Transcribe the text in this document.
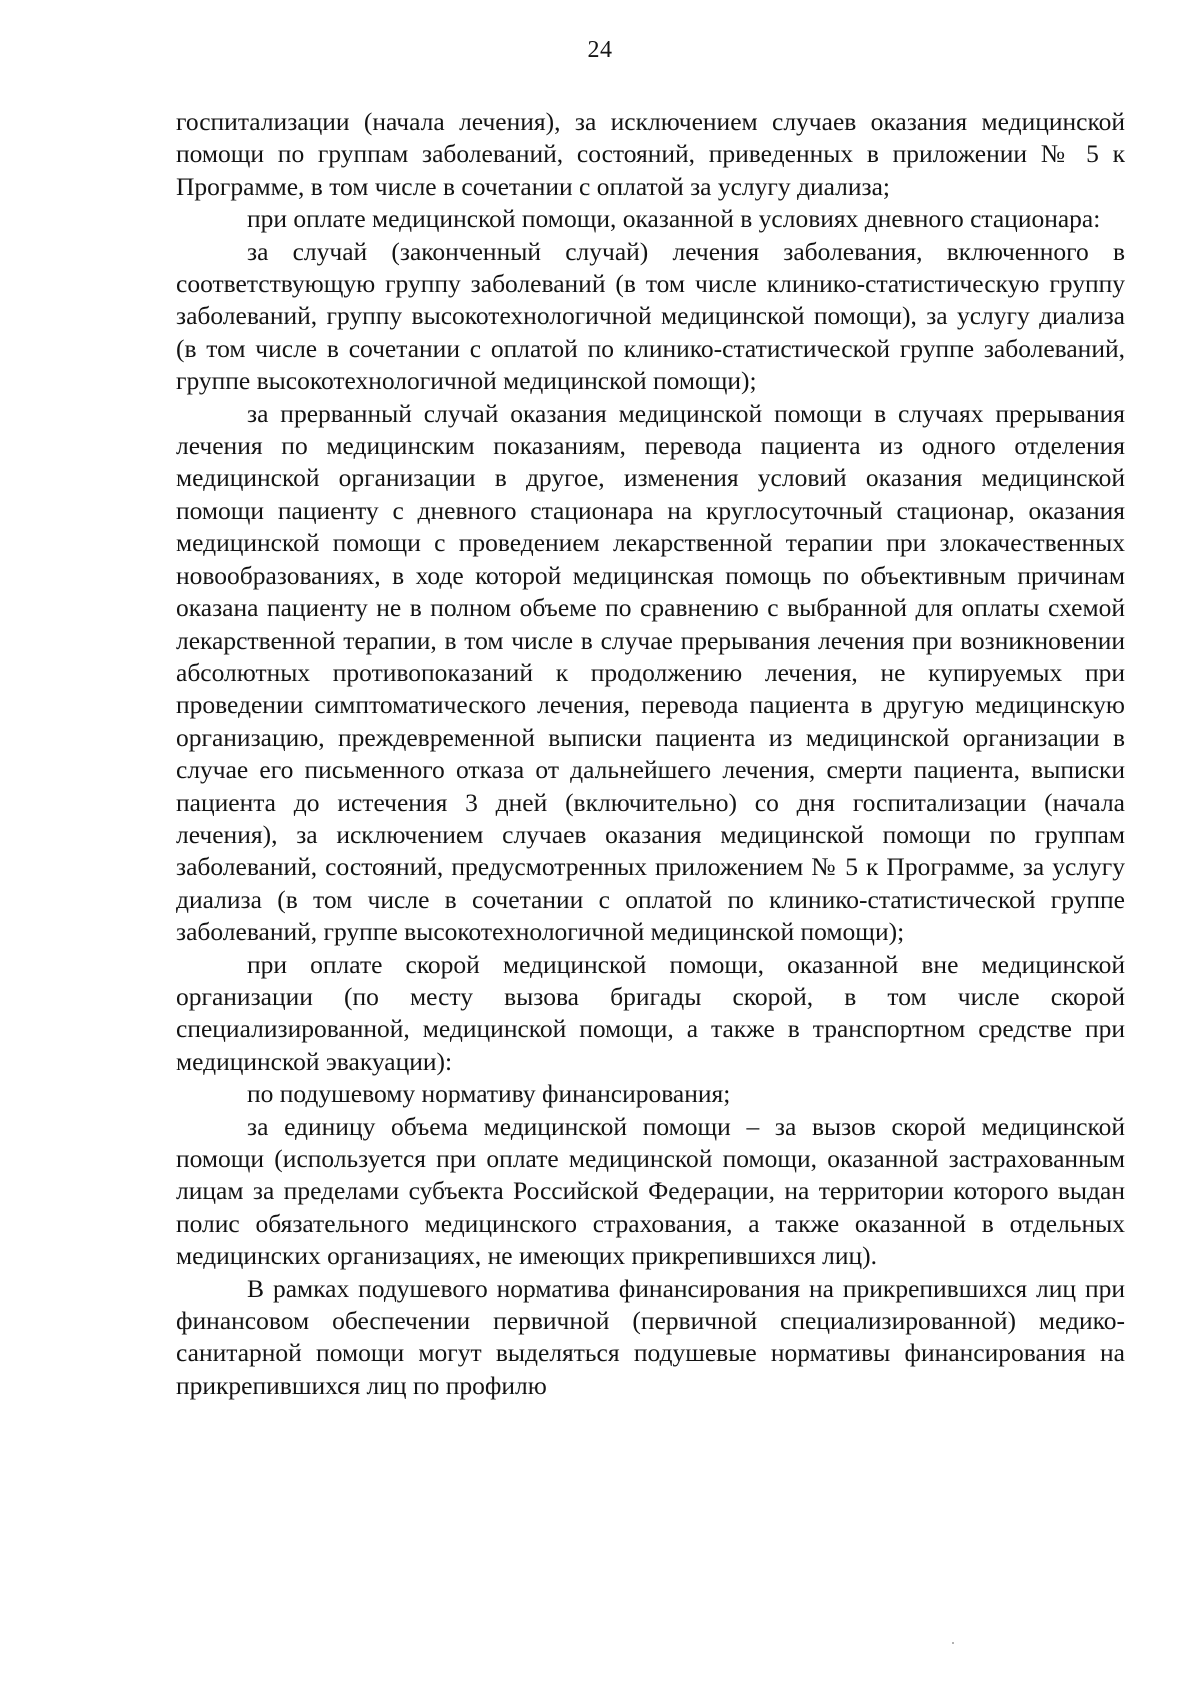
24

госпитализации (начала лечения), за исключением случаев оказания медицинской помощи по группам заболеваний, состояний, приведенных в приложении № 5 к Программе, в том числе в сочетании с оплатой за услугу диализа;

при оплате медицинской помощи, оказанной в условиях дневного стационара:

за случай (законченный случай) лечения заболевания, включенного в соответствующую группу заболеваний (в том числе клинико-статистическую группу заболеваний, группу высокотехнологичной медицинской помощи), за услугу диализа (в том числе в сочетании с оплатой по клинико-статистической группе заболеваний, группе высокотехнологичной медицинской помощи);

за прерванный случай оказания медицинской помощи в случаях прерывания лечения по медицинским показаниям, перевода пациента из одного отделения медицинской организации в другое, изменения условий оказания медицинской помощи пациенту с дневного стационара на круглосуточный стационар, оказания медицинской помощи с проведением лекарственной терапии при злокачественных новообразованиях, в ходе которой медицинская помощь по объективным причинам оказана пациенту не в полном объеме по сравнению с выбранной для оплаты схемой лекарственной терапии, в том числе в случае прерывания лечения при возникновении абсолютных противопоказаний к продолжению лечения, не купируемых при проведении симптоматического лечения, перевода пациента в другую медицинскую организацию, преждевременной выписки пациента из медицинской организации в случае его письменного отказа от дальнейшего лечения, смерти пациента, выписки пациента до истечения 3 дней (включительно) со дня госпитализации (начала лечения), за исключением случаев оказания медицинской помощи по группам заболеваний, состояний, предусмотренных приложением № 5 к Программе, за услугу диализа (в том числе в сочетании с оплатой по клинико-статистической группе заболеваний, группе высокотехнологичной медицинской помощи);

при оплате скорой медицинской помощи, оказанной вне медицинской организации (по месту вызова бригады скорой, в том числе скорой специализированной, медицинской помощи, а также в транспортном средстве при медицинской эвакуации):

по подушевому нормативу финансирования;

за единицу объема медицинской помощи – за вызов скорой медицинской помощи (используется при оплате медицинской помощи, оказанной застрахованным лицам за пределами субъекта Российской Федерации, на территории которого выдан полис обязательного медицинского страхования, а также оказанной в отдельных медицинских организациях, не имеющих прикрепившихся лиц).

В рамках подушевого норматива финансирования на прикрепившихся лиц при финансовом обеспечении первичной (первичной специализированной) медико-санитарной помощи могут выделяться подушевые нормативы финансирования на прикрепившихся лиц по профилю
